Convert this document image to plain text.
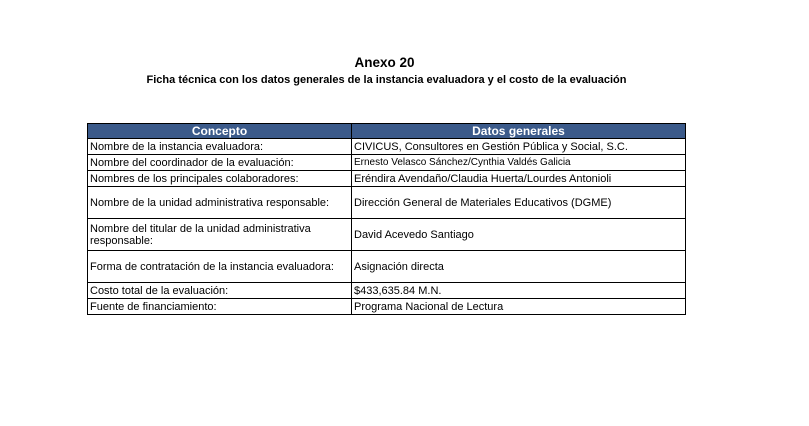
Anexo 20
Ficha técnica con los datos generales de la instancia evaluadora y el costo de la evaluación
Concepto	Datos generales
Nombre de la instancia evaluadora:	CIVICUS, Consultores en Gestión Pública y Social, S.C.
Nombre del coordinador de la evaluación:	Ernesto Velasco Sánchez/Cynthia Valdés Galicia
Nombres de los principales colaboradores:	Eréndira Avendaño/Claudia Huerta/Lourdes Antonioli
Nombre de la unidad administrativa responsable:	Dirección General de Materiales Educativos (DGME)
Nombre del titular de la unidad administrativa responsable:	David Acevedo Santiago
Forma de contratación de la instancia evaluadora:	Asignación directa
Costo total de la evaluación:	$433,635.84 M.N.
Fuente de financiamiento:	Programa Nacional de Lectura
